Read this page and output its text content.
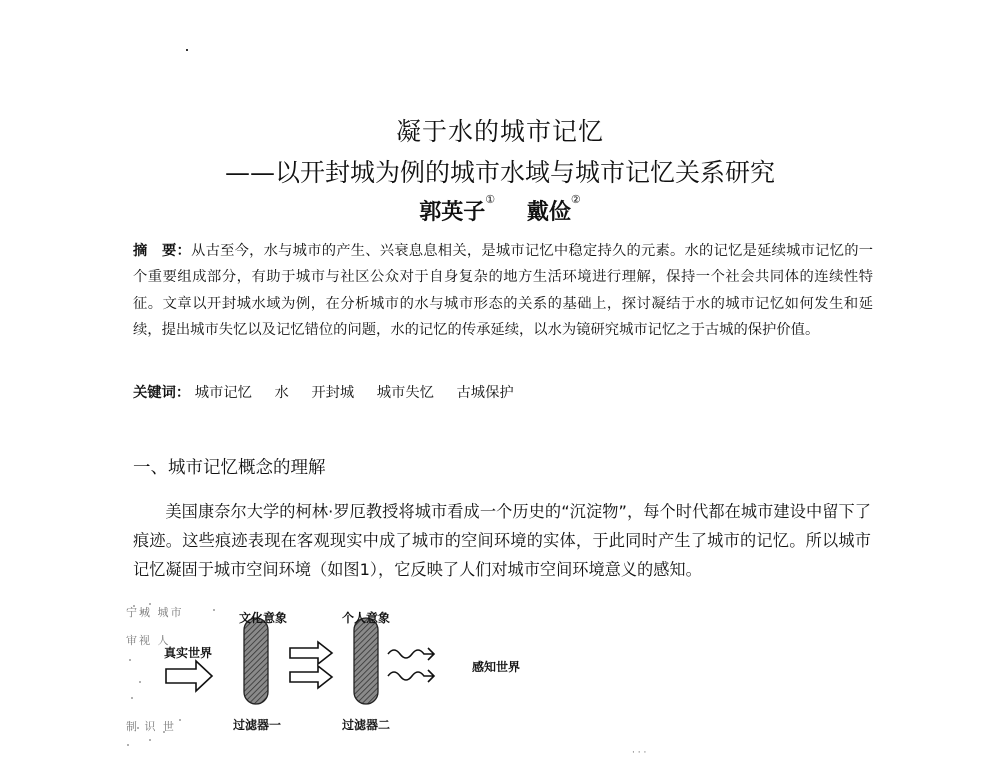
凝于水的城市记忆
——以开封城为例的城市水域与城市记忆关系研究
郭英子① 戴俭②
摘　要：从古至今，水与城市的产生、兴衰息息相关，是城市记忆中稳定持久的元素。水的记忆是延续城市记忆的一个重要组成部分，有助于城市与社区公众对于自身复杂的地方生活环境进行理解，保持一个社会共同体的连续性特征。文章以开封城水域为例，在分析城市的水与城市形态的关系的基础上，探讨凝结于水的城市记忆如何发生和延续，提出城市失忆以及记忆错位的问题，水的记忆的传承延续，以水为镜研究城市记忆之于古城的保护价值。
关键词： 城市记忆 水 开封城 城市失忆 古城保护
一、城市记忆概念的理解
美国康奈尔大学的柯林·罗厄教授将城市看成一个历史的“沉淀物”，每个时代都在城市建设中留下了痕迹。这些痕迹表现在客观现实中成了城市的空间环境的实体，于此同时产生了城市的记忆。所以城市记忆凝固于城市空间环境（如图1），它反映了人们对城市空间环境意义的感知。
文化意象	个人意象
真实世界
感知世界
过滤器一	过滤器二
宁城 城市
审视 人
制 识 世
· · ·
